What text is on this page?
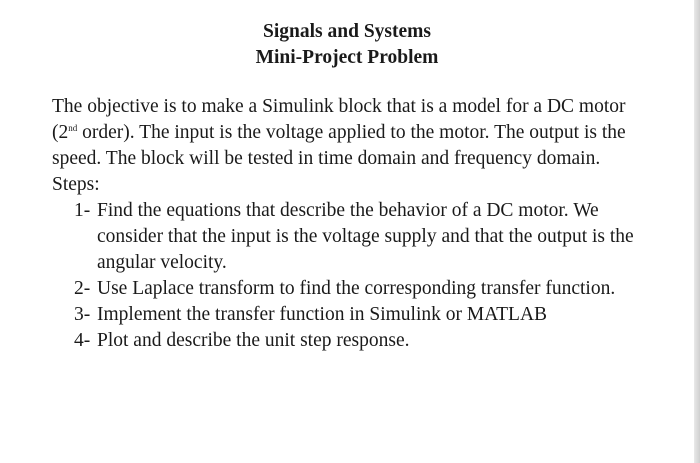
Signals and Systems
Mini-Project Problem

The objective is to make a Simulink block that is a model for a DC motor (2nd order). The input is the voltage applied to the motor. The output is the speed. The block will be tested in time domain and frequency domain.

Steps:

1- Find the equations that describe the behavior of a DC motor. We consider that the input is the voltage supply and that the output is the angular velocity.
2- Use Laplace transform to find the corresponding transfer function.
3- Implement the transfer function in Simulink or MATLAB
4- Plot and describe the unit step response.
